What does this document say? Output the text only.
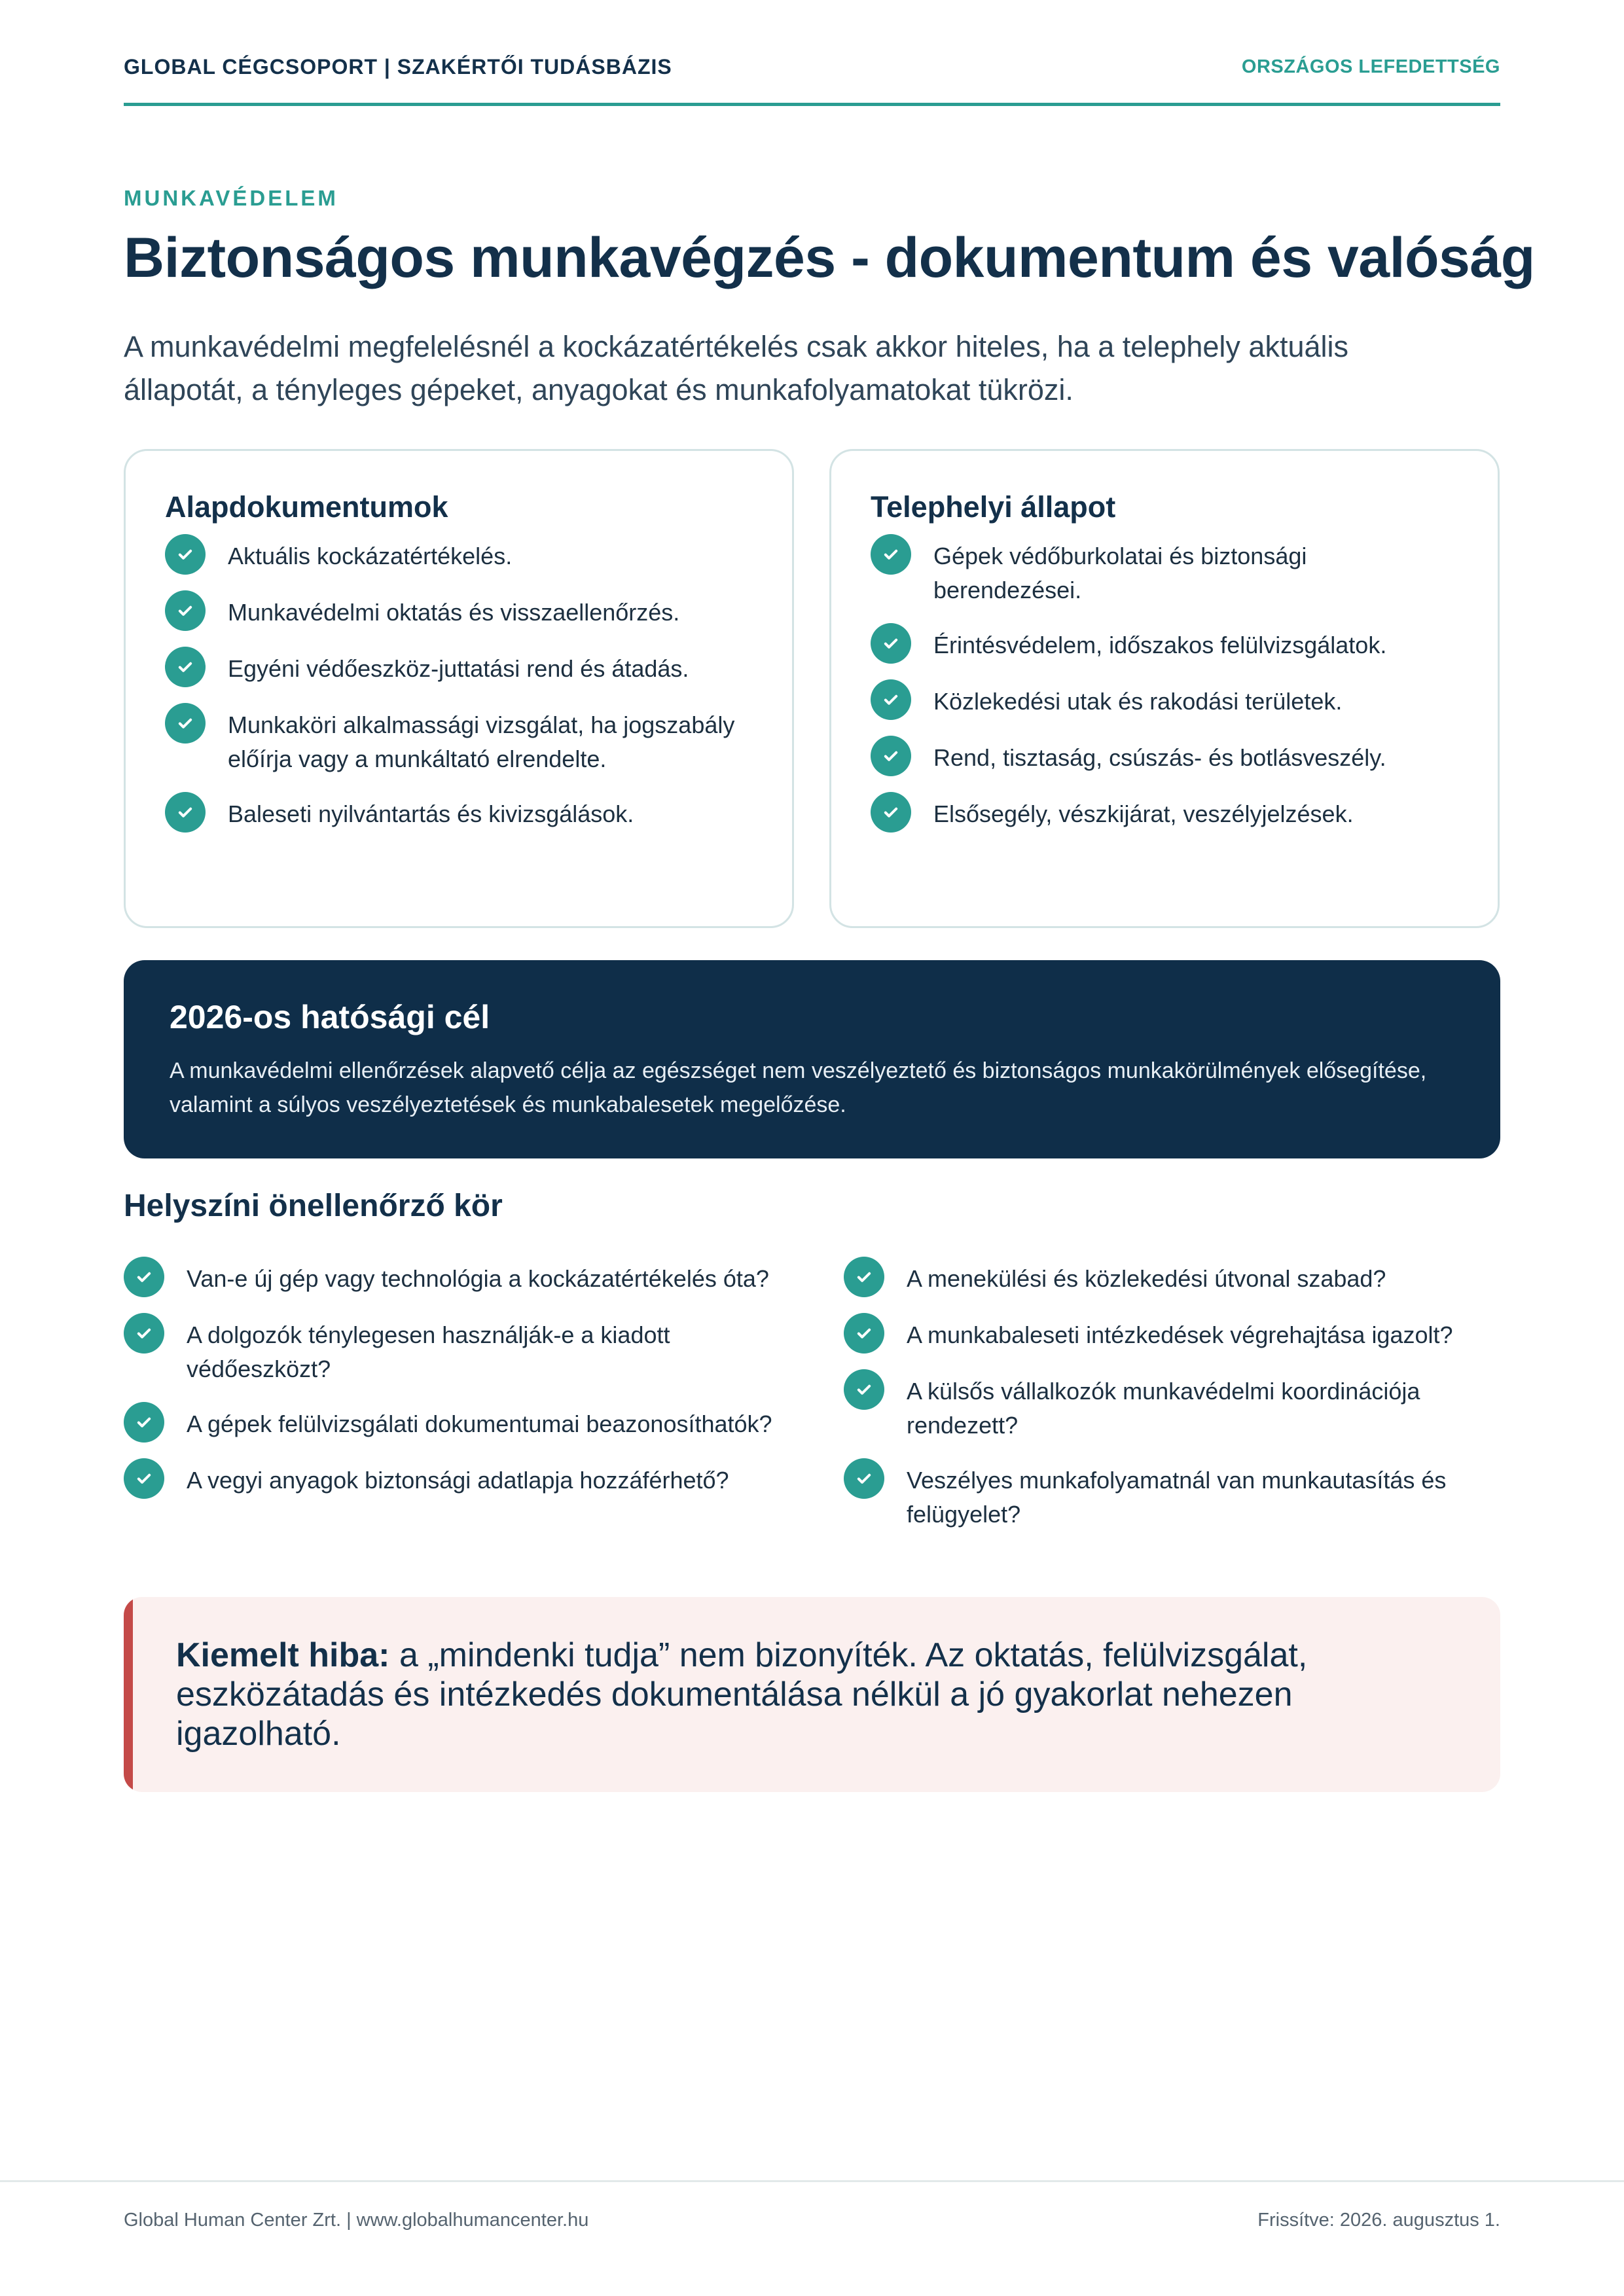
GLOBAL CÉGCSOPORT | SZAKÉRTŐI TUDÁSBÁZIS	ORSZÁGOS LEFEDETTSÉG
MUNKAVÉDELEM
Biztonságos munkavégzés - dokumentum és valóság

A munkavédelmi megfelelésnél a kockázatértékelés csak akkor hiteles, ha a telephely aktuális állapotát, a tényleges gépeket, anyagokat és munkafolyamatokat tükrözi.

Alapdokumentumok
Aktuális kockázatértékelés.
Munkavédelmi oktatás és visszaellenőrzés.
Egyéni védőeszköz-juttatási rend és átadás.
Munkaköri alkalmassági vizsgálat, ha jogszabály előírja vagy a munkáltató elrendelte.
Baleseti nyilvántartás és kivizsgálások.
Telephelyi állapot
Gépek védőburkolatai és biztonsági berendezései.
Érintésvédelem, időszakos felülvizsgálatok.
Közlekedési utak és rakodási területek.
Rend, tisztaság, csúszás- és botlásveszély.
Elsősegély, vészkijárat, veszélyjelzések.
2026-os hatósági cél

A munkavédelmi ellenőrzések alapvető célja az egészséget nem veszélyeztető és biztonságos munkakörülmények elősegítése, valamint a súlyos veszélyeztetések és munkabalesetek megelőzése.

Helyszíni önellenőrző kör
Van-e új gép vagy technológia a kockázatértékelés óta?
A dolgozók ténylegesen használják-e a kiadott védőeszközt?
A gépek felülvizsgálati dokumentumai beazonosíthatók?
A vegyi anyagok biztonsági adatlapja hozzáférhető?
A menekülési és közlekedési útvonal szabad?
A munkabaleseti intézkedések végrehajtása igazolt?
A külsős vállalkozók munkavédelmi koordinációja rendezett?
Veszélyes munkafolyamatnál van munkautasítás és felügyelet?

Kiemelt hiba: a „mindenki tudja” nem bizonyíték. Az oktatás, felülvizsgálat, eszközátadás és intézkedés dokumentálása nélkül a jó gyakorlat nehezen igazolható.

Global Human Center Zrt. | www.globalhumancenter.hu	Frissítve: 2026. augusztus 1.
